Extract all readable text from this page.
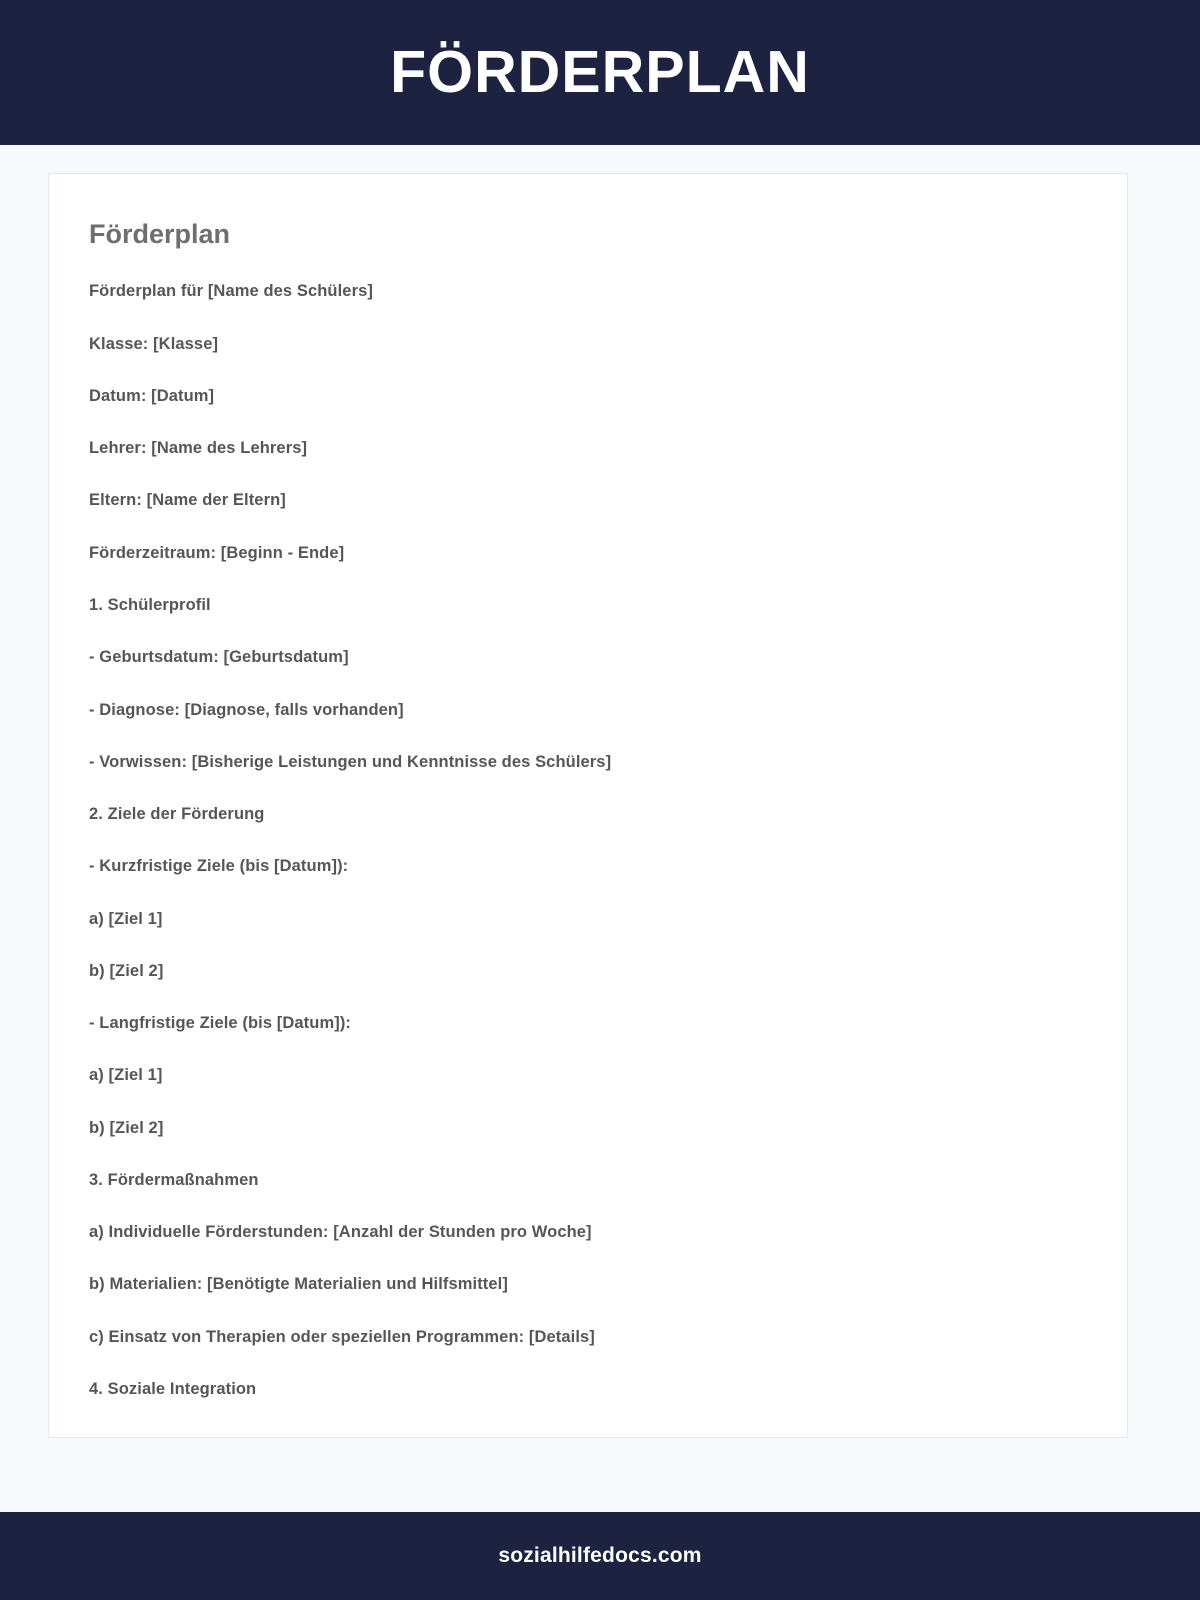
FÖRDERPLAN
Förderplan

Förderplan für [Name des Schülers]

Klasse: [Klasse]

Datum: [Datum]

Lehrer: [Name des Lehrers]

Eltern: [Name der Eltern]

Förderzeitraum: [Beginn - Ende]

1. Schülerprofil

- Geburtsdatum: [Geburtsdatum]

- Diagnose: [Diagnose, falls vorhanden]

- Vorwissen: [Bisherige Leistungen und Kenntnisse des Schülers]

2. Ziele der Förderung

- Kurzfristige Ziele (bis [Datum]):

a) [Ziel 1]

b) [Ziel 2]

- Langfristige Ziele (bis [Datum]):

a) [Ziel 1]

b) [Ziel 2]

3. Fördermaßnahmen

a) Individuelle Förderstunden: [Anzahl der Stunden pro Woche]

b) Materialien: [Benötigte Materialien und Hilfsmittel]

c) Einsatz von Therapien oder speziellen Programmen: [Details]

4. Soziale Integration

sozialhilfedocs.com
